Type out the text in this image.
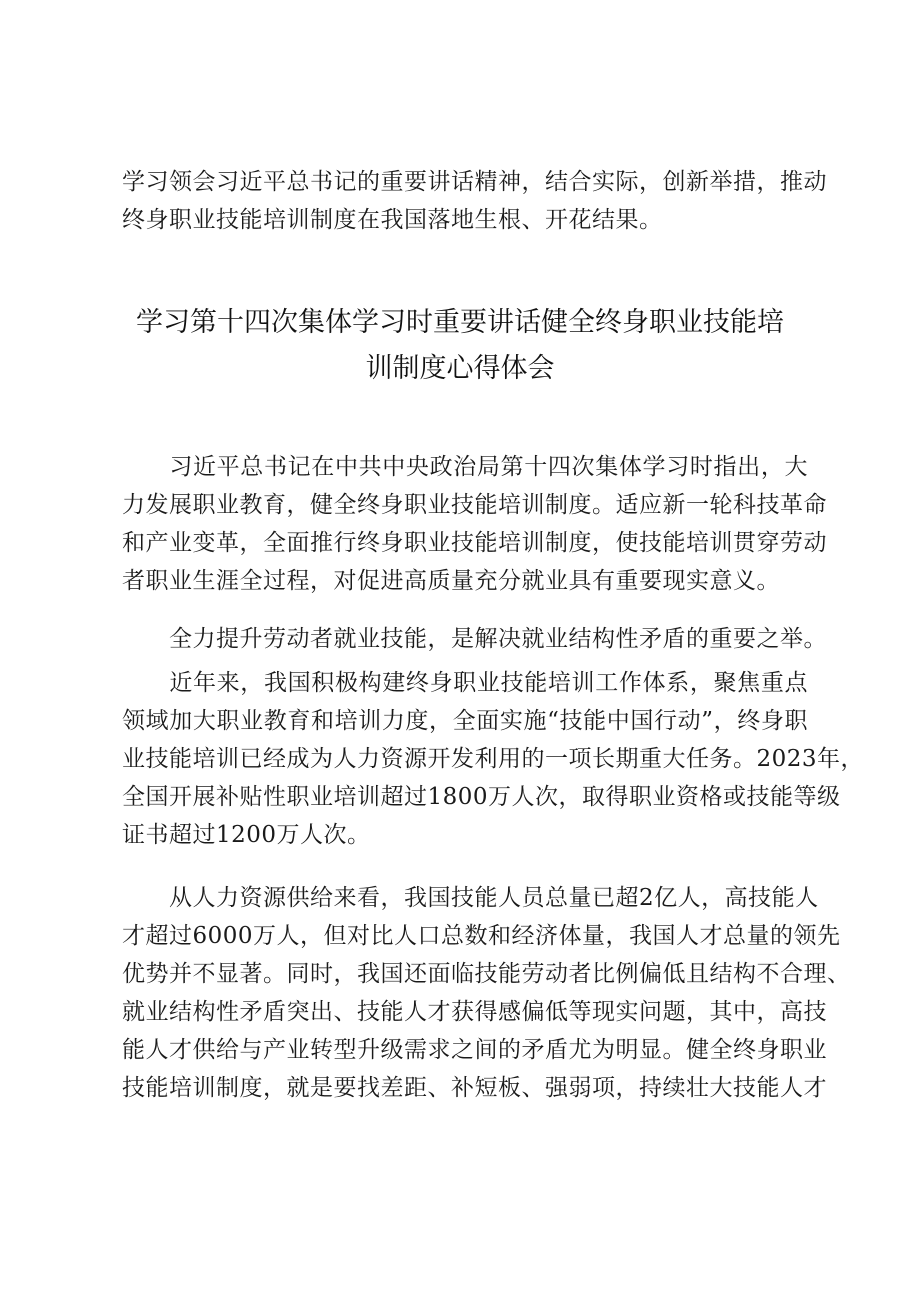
学习领会习近平总书记的重要讲话精神，结合实际，创新举措，推动
终身职业技能培训制度在我国落地生根、开花结果。
学习第十四次集体学习时重要讲话健全终身职业技能培
训制度心得体会
　　习近平总书记在中共中央政治局第十四次集体学习时指出，大
力发展职业教育，健全终身职业技能培训制度。适应新一轮科技革命
和产业变革，全面推行终身职业技能培训制度，使技能培训贯穿劳动
者职业生涯全过程，对促进高质量充分就业具有重要现实意义。
　　全力提升劳动者就业技能，是解决就业结构性矛盾的重要之举。
　　近年来，我国积极构建终身职业技能培训工作体系，聚焦重点
领域加大职业教育和培训力度，全面实施“技能中国行动”，终身职
业技能培训已经成为人力资源开发利用的一项长期重大任务。2023年，
全国开展补贴性职业培训超过1800万人次，取得职业资格或技能等级
证书超过1200万人次。
　　从人力资源供给来看，我国技能人员总量已超2亿人，高技能人
才超过6000万人，但对比人口总数和经济体量，我国人才总量的领先
优势并不显著。同时，我国还面临技能劳动者比例偏低且结构不合理、
就业结构性矛盾突出、技能人才获得感偏低等现实问题，其中，高技
能人才供给与产业转型升级需求之间的矛盾尤为明显。健全终身职业
技能培训制度，就是要找差距、补短板、强弱项，持续壮大技能人才
